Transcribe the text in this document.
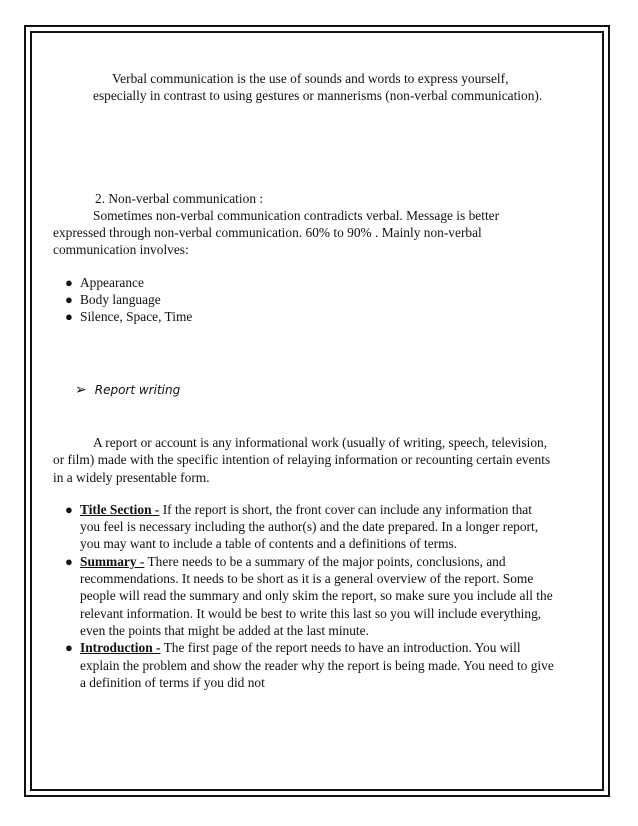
Verbal communication is the use of sounds and words to express yourself, especially in contrast to using gestures or mannerisms (non-verbal communication).

2. Non-verbal communication :

Sometimes non-verbal communication contradicts verbal. Message is better expressed through non-verbal communication. 60% to 90% . Mainly non-verbal communication involves:

● Appearance
● Body language
● Silence, Space, Time
➢ Report writing

A report or account is any informational work (usually of writing, speech, television, or film) made with the specific intention of relaying information or recounting certain events in a widely presentable form.

● Title Section - If the report is short, the front cover can include any information that you feel is necessary including the author(s) and the date prepared. In a longer report, you may want to include a table of contents and a definitions of terms.
● Summary - There needs to be a summary of the major points, conclusions, and recommendations. It needs to be short as it is a general overview of the report. Some people will read the summary and only skim the report, so make sure you include all the relevant information. It would be best to write this last so you will include everything, even the points that might be added at the last minute.
● Introduction - The first page of the report needs to have an introduction. You will explain the problem and show the reader why the report is being made. You need to give a definition of terms if you did not
